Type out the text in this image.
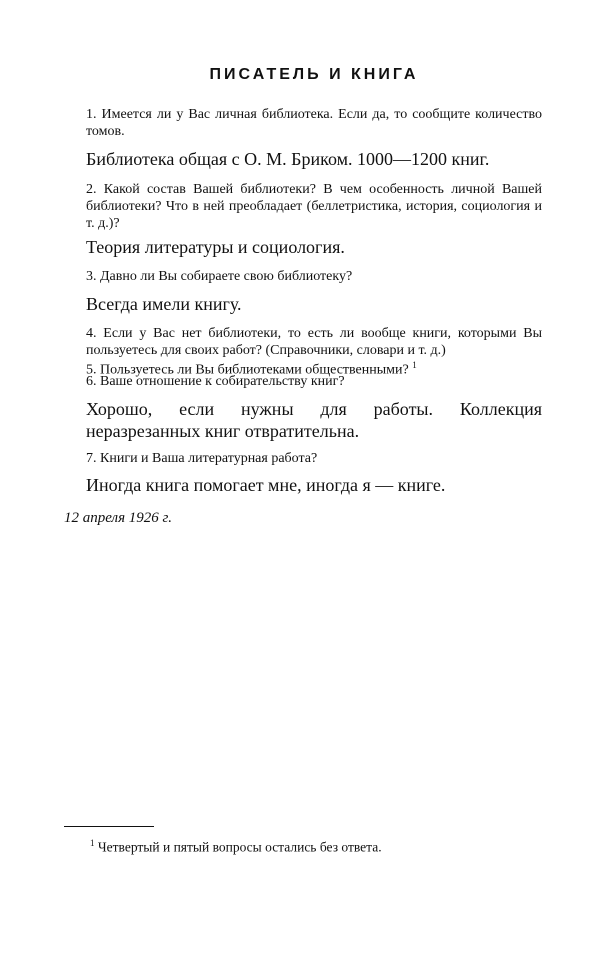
ПИСАТЕЛЬ И КНИГА
1. Имеется ли у Вас личная библиотека. Если да, то сообщите количество томов.
Библиотека общая с О. М. Бриком. 1000—1200 книг.
2. Какой состав Вашей библиотеки? В чем особенность личной Вашей библиотеки? Что в ней преобладает (беллетристика, история, социология и т. д.)?
Теория литературы и социология.
3. Давно ли Вы собираете свою библиотеку?
Всегда имели книгу.
4. Если у Вас нет библиотеки, то есть ли вообще книги, которыми Вы пользуетесь для своих работ? (Справочники, словари и т. д.)
5. Пользуетесь ли Вы библиотеками общественными? $^1$
6. Ваше отношение к собирательству книг?
Хорошо, если нужны для работы. Коллекция неразрезанных книг отвратительна.
7. Книги и Ваша литературная работа?
Иногда книга помогает мне, иногда я — книге.
12 апреля 1926 г.
$^1$ Четвертый и пятый вопросы остались без ответа.
